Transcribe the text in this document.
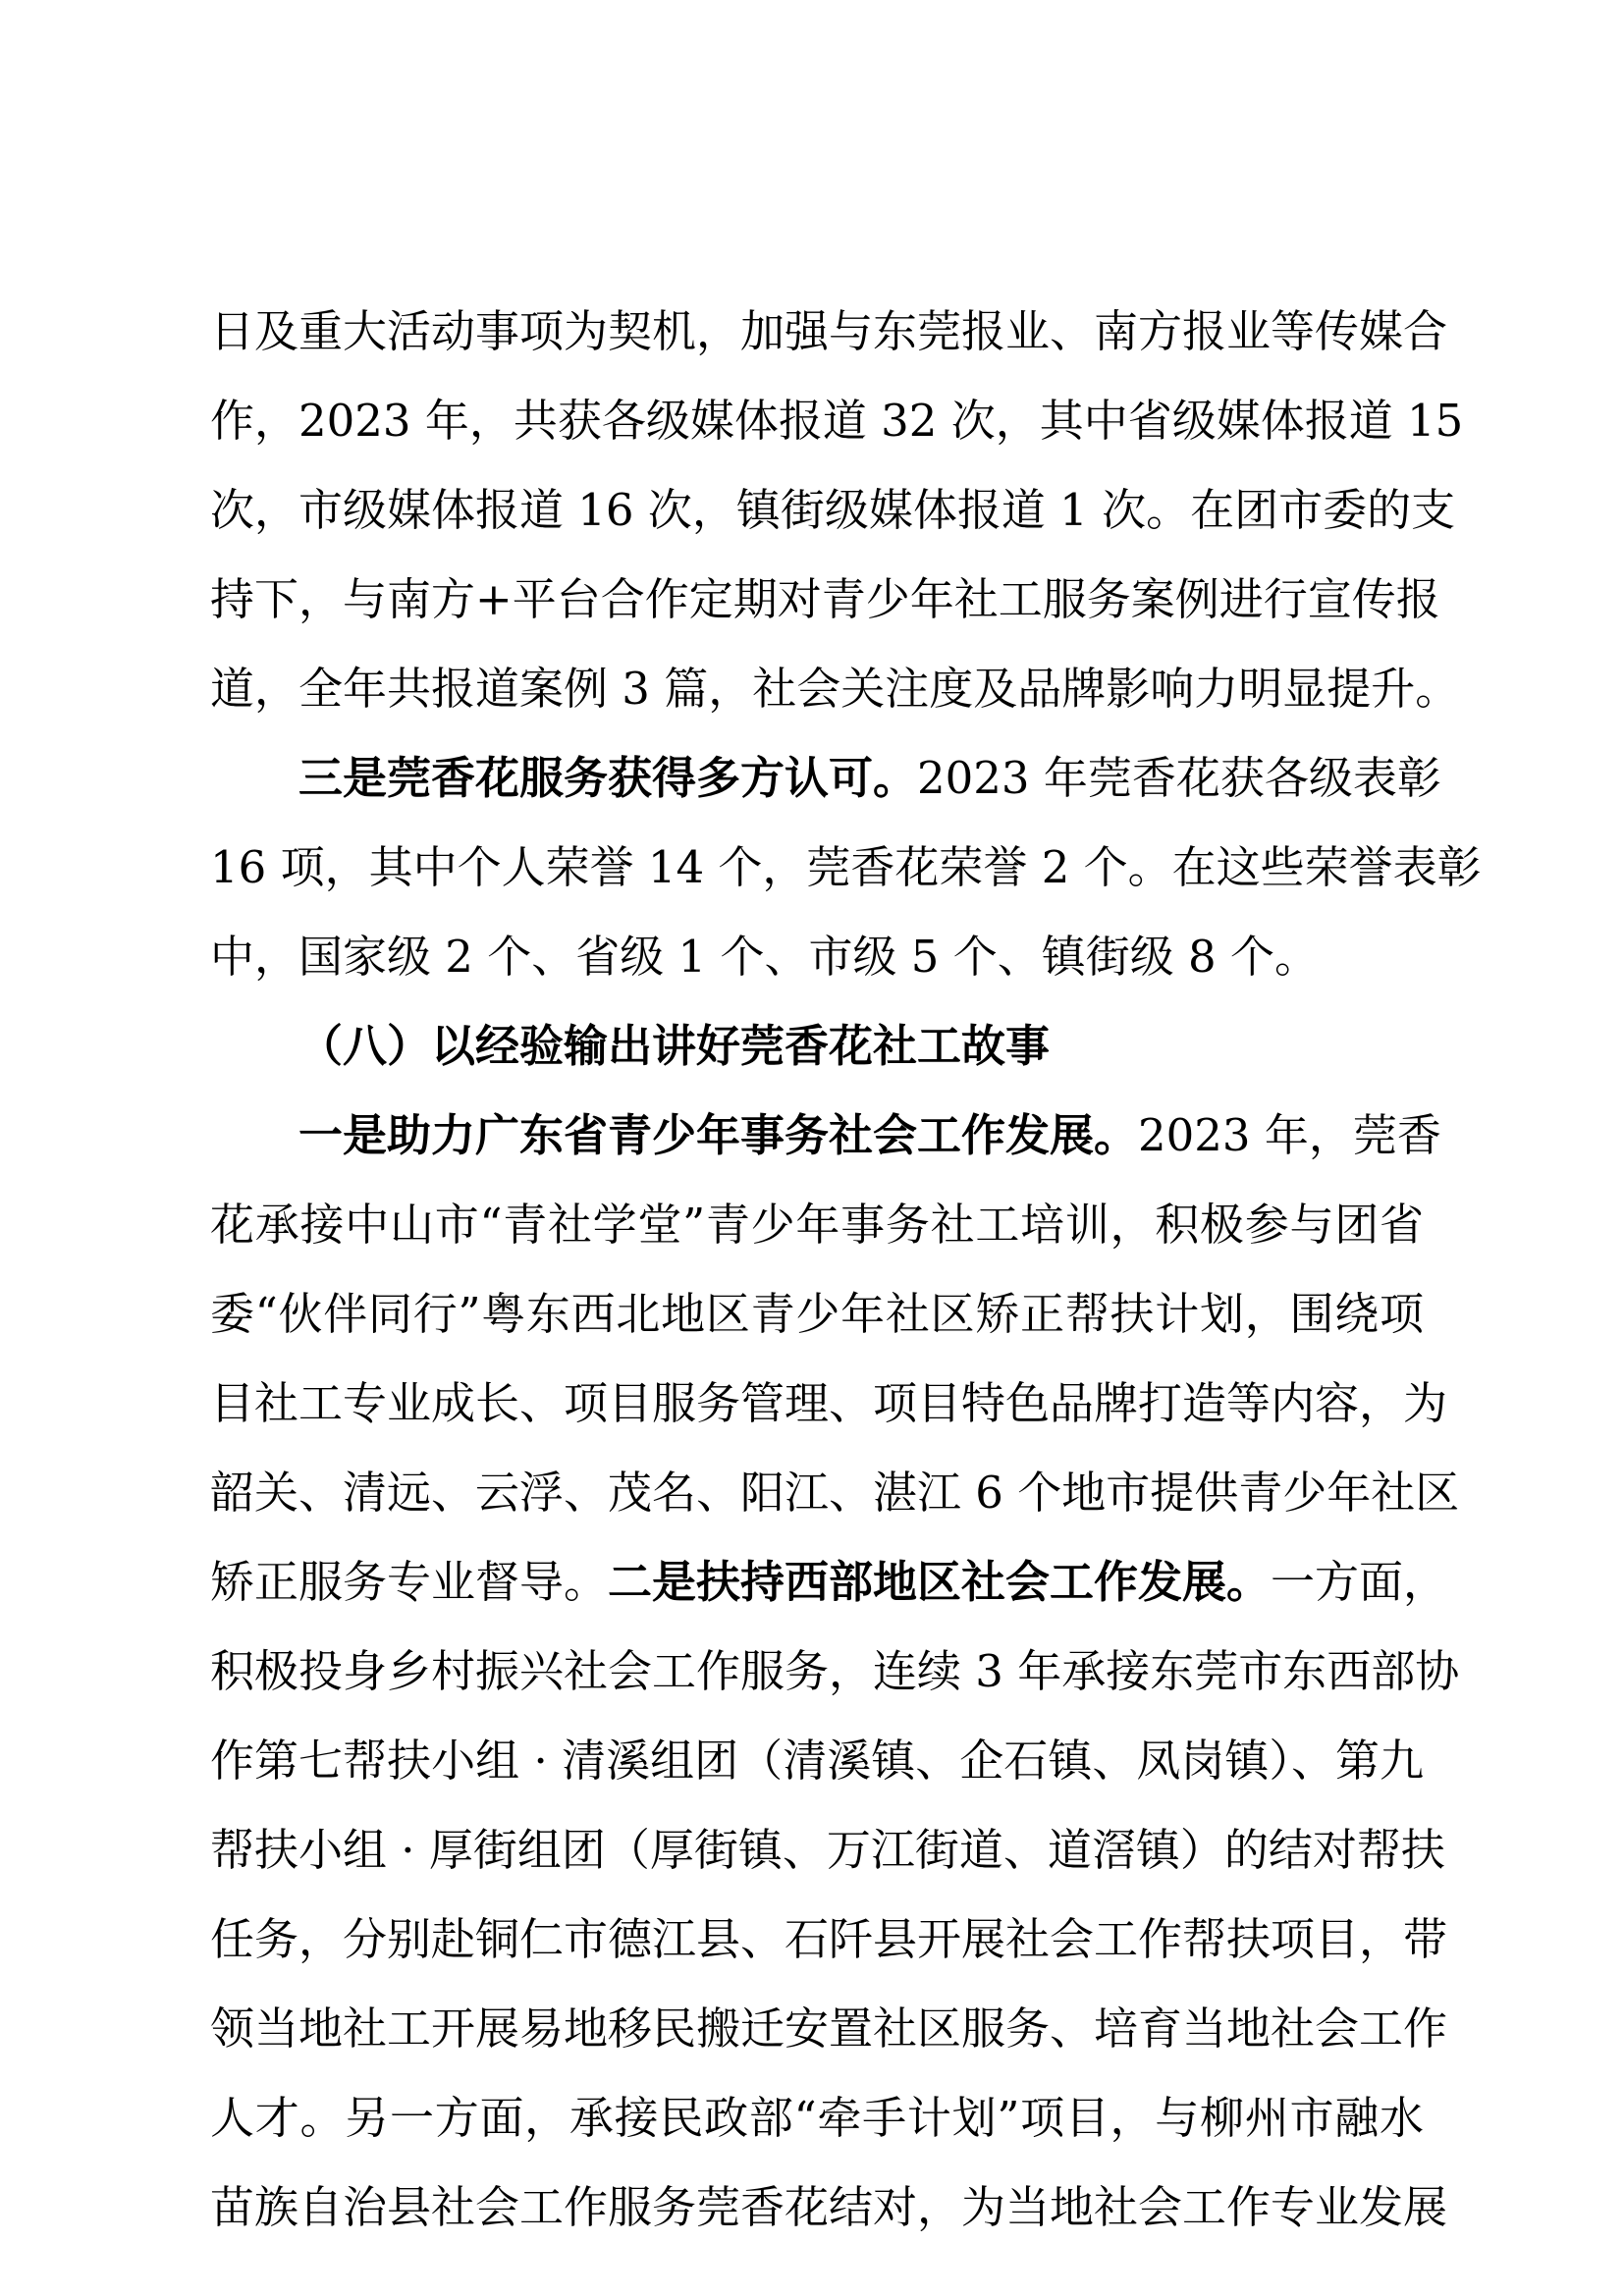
日及重大活动事项为契机，加强与东莞报业、南方报业等传媒合
作，2023 年，共获各级媒体报道 32 次，其中省级媒体报道 15
次，市级媒体报道 16 次，镇街级媒体报道 1 次。在团市委的支
持下，与南方+平台合作定期对青少年社工服务案例进行宣传报
道，全年共报道案例 3 篇，社会关注度及品牌影响力明显提升。
三是莞香花服务获得多方认可。2023 年莞香花获各级表彰
16 项，其中个人荣誉 14 个，莞香花荣誉 2 个。在这些荣誉表彰
中，国家级 2 个、省级 1 个、市级 5 个、镇街级 8 个。
（八）以经验输出讲好莞香花社工故事
一是助力广东省青少年事务社会工作发展。2023 年，莞香
花承接中山市“青社学堂”青少年事务社工培训，积极参与团省
委“伙伴同行”粤东西北地区青少年社区矫正帮扶计划，围绕项
目社工专业成长、项目服务管理、项目特色品牌打造等内容，为
韶关、清远、云浮、茂名、阳江、湛江 6 个地市提供青少年社区
矫正服务专业督导。二是扶持西部地区社会工作发展。一方面，
积极投身乡村振兴社会工作服务，连续 3 年承接东莞市东西部协
作第七帮扶小组 · 清溪组团（清溪镇、企石镇、凤岗镇）、第九
帮扶小组 · 厚街组团（厚街镇、万江街道、道滘镇）的结对帮扶
任务，分别赴铜仁市德江县、石阡县开展社会工作帮扶项目，带
领当地社工开展易地移民搬迁安置社区服务、培育当地社会工作
人才。另一方面，承接民政部“牵手计划”项目，与柳州市融水
苗族自治县社会工作服务莞香花结对，为当地社会工作专业发展
